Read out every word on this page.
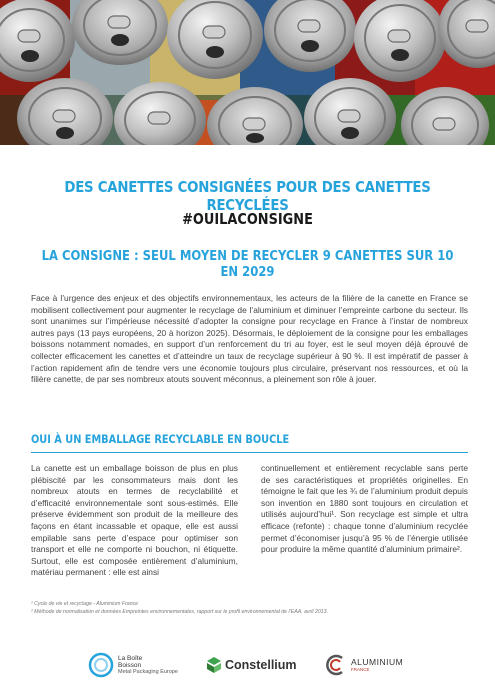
DES CANETTES CONSIGNÉES POUR DES CANETTES RECYCLÉES
#OUILACONSIGNE
LA CONSIGNE : SEUL MOYEN DE RECYCLER 9 CANETTES SUR 10 EN 2029

Face à l’urgence des enjeux et des objectifs environnementaux, les acteurs de la filière de la canette en France se mobilisent collectivement pour augmenter le recyclage de l’aluminium et diminuer l’empreinte carbone du secteur. Ils sont unanimes sur l’impérieuse nécessité d’adopter la consigne pour recyclage en France à l’instar de nombreux autres pays (13 pays européens, 20 à horizon 2025). Désormais, le déploiement de la consigne pour les emballages boissons notamment nomades, en support d’un renforcement du tri au foyer, est le seul moyen déjà éprouvé de collecter efficacement les canettes et d’atteindre un taux de recyclage supérieur à 90 %. Il est impératif de passer à l’action rapidement afin de tendre vers une économie toujours plus circulaire, préservant nos ressources, et où la filière canette, de par ses nombreux atouts souvent méconnus, a pleinement son rôle à jouer.

OUI À UN EMBALLAGE RECYCLABLE EN BOUCLE

La canette est un emballage boisson de plus en plus plébiscité par les consommateurs mais dont les nombreux atouts en termes de recyclabilité et d’efficacité environnementale sont sous-estimés. Elle préserve évidemment son produit de la meilleure des façons en étant incassable et opaque, elle est aussi empilable sans perte d’espace pour optimiser son transport et elle ne comporte ni bouchon, ni étiquette. Surtout, elle est composée entièrement d’aluminium, matériau permanent : elle est ainsi

continuellement et entièrement recyclable sans perte de ses caractéristiques et propriétés originelles. En témoigne le fait que les ¾ de l’aluminium produit depuis son invention en 1880 sont toujours en circulation et utilisés aujourd’hui¹. Son recyclage est simple et ultra efficace (refonte) : chaque tonne d’aluminium recyclée permet d’économiser jusqu’à 95 % de l’énergie utilisée pour produire la même quantité d’aluminium primaire².

¹ Cycle de vie et recyclage - Aluminium France
² Méthode de normalisation et données Empreintes environnementales, rapport sur le profil environnemental de l’EAA, avril 2013.
La Boîte
Boisson
Metal Packaging Europe	Constellium	ALUMINIUM
FRANCE
